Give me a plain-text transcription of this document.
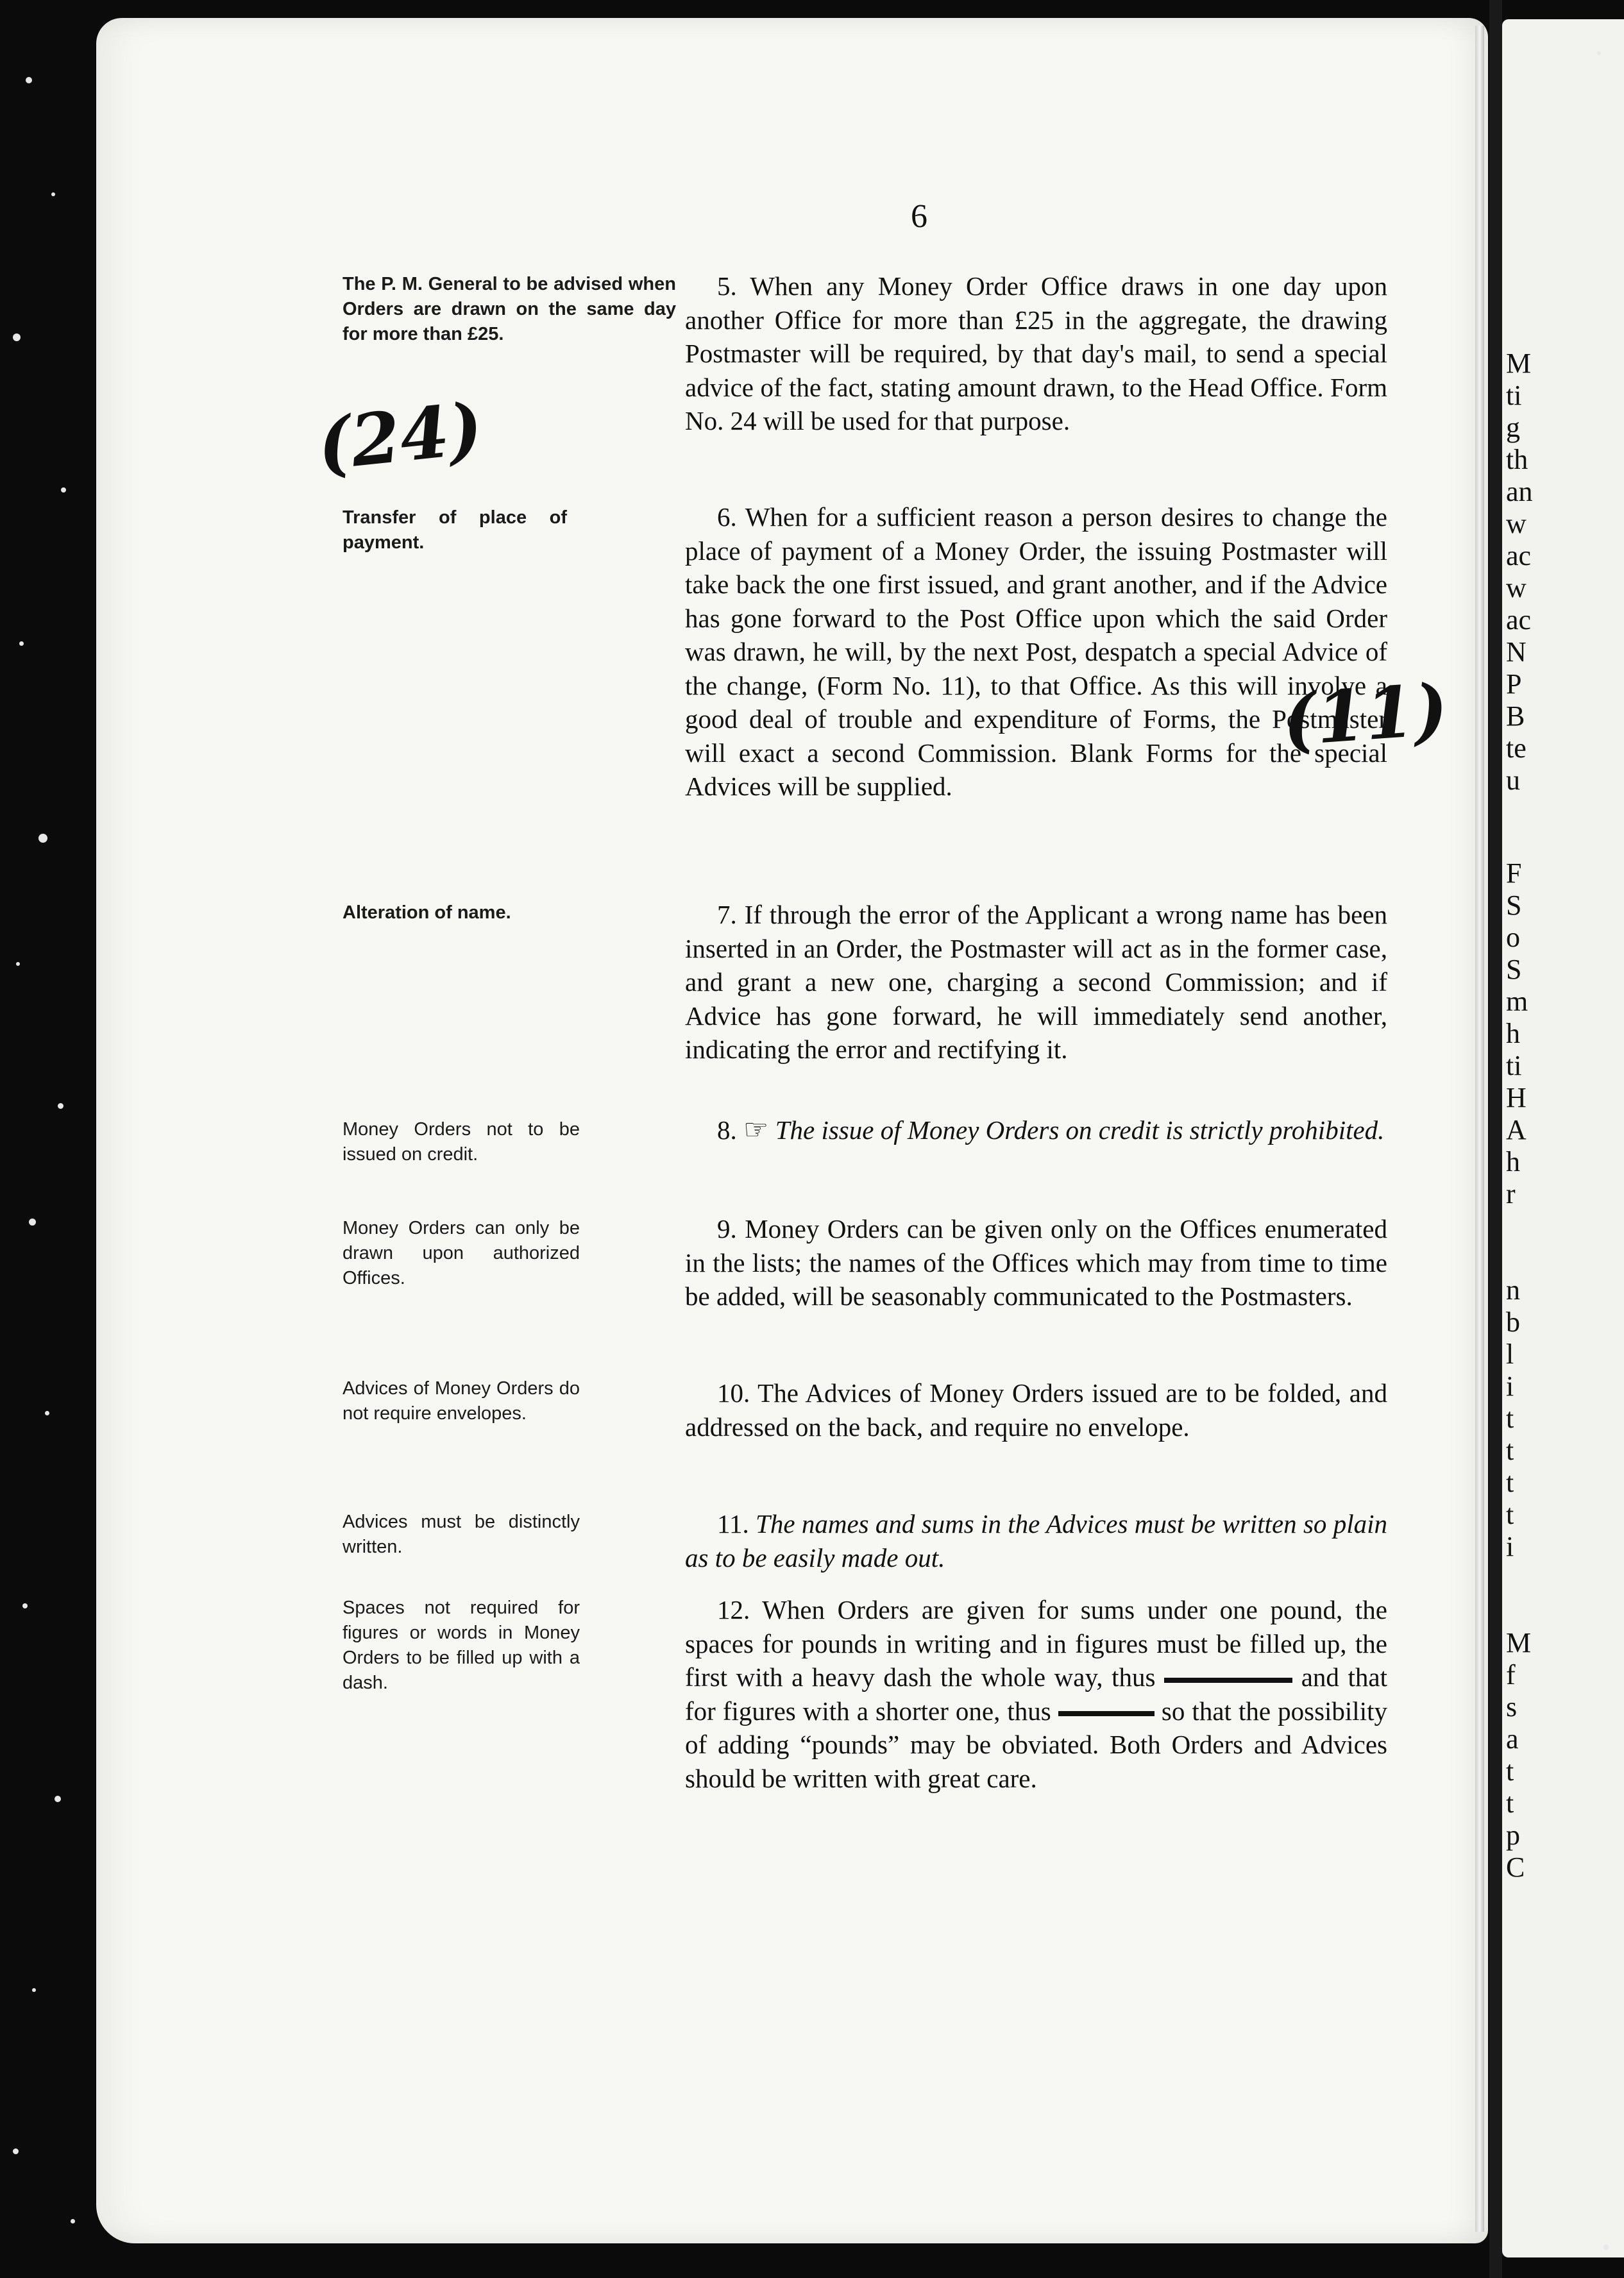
M
ti
g
th
an
w
ac
w
ac
N
P
B
te
u
F
S
o
S
m
h
ti
H
A
h
r
n
b
l
i
t
t
t
t
i
M
f
s
a
t
t
p
C
6
The P. M. General to be advised when Orders are drawn on the same day for more than £25.
Transfer of place of payment.
Alteration of name.
Money Orders not to be issued on credit.
Money Orders can only be drawn upon authorized Offices.
Advices of Money Orders do not require envelopes.
Advices must be distinctly written.
Spaces not required for figures or words in Money Orders to be filled up with a dash.
(24)
(11)
5. When any Money Order Office draws in one day upon another Office for more than £25 in the aggregate, the drawing Postmaster will be required, by that day's mail, to send a special advice of the fact, stating amount drawn, to the Head Office. Form No. 24 will be used for that purpose.
6. When for a sufficient reason a person desires to change the place of payment of a Money Order, the issuing Postmaster will take back the one first issued, and grant another, and if the Advice has gone forward to the Post Office upon which the said Order was drawn, he will, by the next Post, despatch a special Advice of the change, (Form No. 11), to that Office. As this will involve a good deal of trouble and expenditure of Forms, the Postmaster will exact a second Commission. Blank Forms for the special Advices will be supplied.
7. If through the error of the Applicant a wrong name has been inserted in an Order, the Postmaster will act as in the former case, and grant a new one, charging a second Commission; and if Advice has gone forward, he will immediately send another, indicating the error and rectifying it.
8. ☞ The issue of Money Orders on credit is strictly prohibited.
9. Money Orders can be given only on the Offices enumerated in the lists; the names of the Offices which may from time to time be added, will be seasonably communicated to the Postmasters.
10. The Advices of Money Orders issued are to be folded, and addressed on the back, and require no envelope.
11. The names and sums in the Advices must be written so plain as to be easily made out.
12. When Orders are given for sums under one pound, the spaces for pounds in writing and in figures must be filled up, the first with a heavy dash the whole way, thus	and that for figures with a shorter one, thus	so that the possibility of adding “pounds” may be obviated. Both Orders and Advices should be written with great care.
